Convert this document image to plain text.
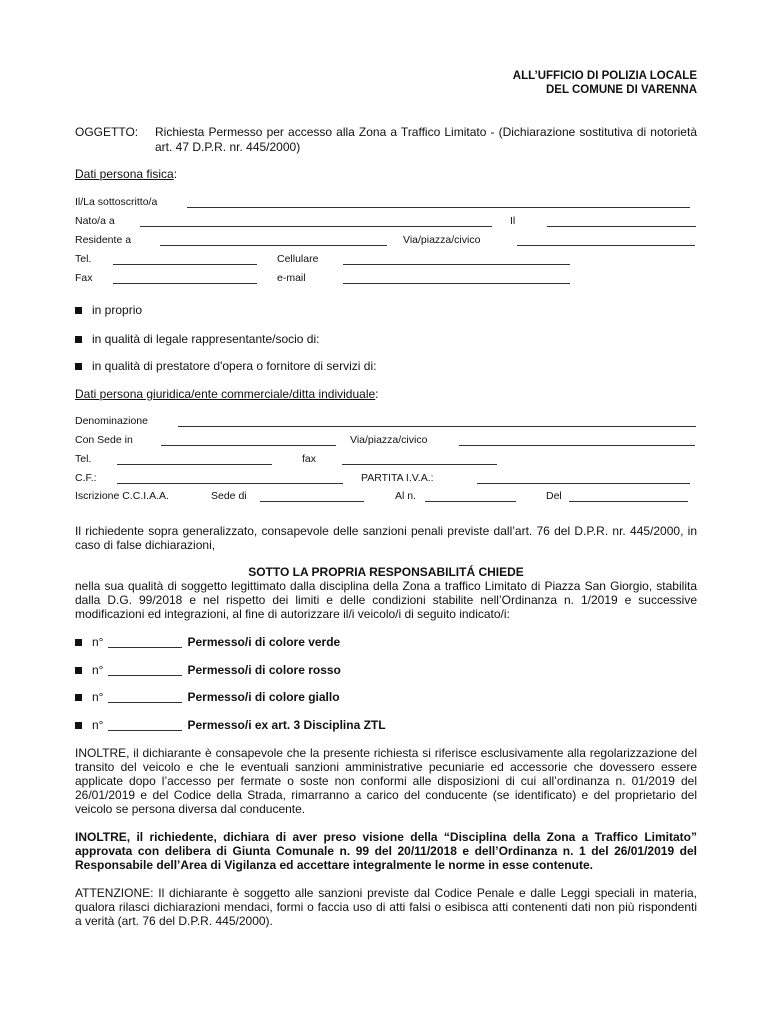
ALL’UFFICIO DI POLIZIA LOCALE
DEL COMUNE DI VARENNA
OGGETTO: Richiesta Permesso per accesso alla Zona a Traffico Limitato - (Dichiarazione sostitutiva di notorietà art. 47 D.P.R. nr. 445/2000)
Dati persona fisica:
Il/La sottoscritto/a
Nato/a a	Il
Residente a	Via/piazza/civico
Tel.	Cellulare
Fax	e-mail
in proprio
in qualità di legale rappresentante/socio di:
in qualità di prestatore d'opera o fornitore di servizi di:
Dati persona giuridica/ente commerciale/ditta individuale:
Denominazione
Con Sede in	Via/piazza/civico
Tel.	fax
C.F.:	PARTITA I.V.A.:
Iscrizione C.C.I.A.A.	Sede di	Al n.	Del
Il richiedente sopra generalizzato, consapevole delle sanzioni penali previste dall’art. 76 del D.P.R. nr. 445/2000, in caso di false dichiarazioni,
SOTTO LA PROPRIA RESPONSABILITÁ CHIEDE
nella sua qualità di soggetto legittimato dalla disciplina della Zona a traffico Limitato di Piazza San Giorgio, stabilita dalla D.G. 99/2018 e nel rispetto dei limiti e delle condizioni stabilite nell’Ordinanza n. 1/2019 e successive modificazioni ed integrazioni, al fine di autorizzare il/i veicolo/i di seguito indicato/i:
n°	Permesso/i di colore verde
n°	Permesso/i di colore rosso
n°	Permesso/i di colore giallo
n°	Permesso/i ex art. 3 Disciplina ZTL
INOLTRE, il dichiarante è consapevole che la presente richiesta si riferisce esclusivamente alla regolarizzazione del transito del veicolo e che le eventuali sanzioni amministrative pecuniarie ed accessorie che dovessero essere applicate dopo l’accesso per fermate o soste non conformi alle disposizioni di cui all’ordinanza n. 01/2019 del 26/01/2019 e del Codice della Strada, rimarranno a carico del conducente (se identificato) e del proprietario del veicolo se persona diversa dal conducente.
INOLTRE, il richiedente, dichiara di aver preso visione della “Disciplina della Zona a Traffico Limitato” approvata con delibera di Giunta Comunale n. 99 del 20/11/2018 e dell’Ordinanza n. 1 del 26/01/2019 del Responsabile dell’Area di Vigilanza ed accettare integralmente le norme in esse contenute.
ATTENZIONE: Il dichiarante è soggetto alle sanzioni previste dal Codice Penale e dalle Leggi speciali in materia, qualora rilasci dichiarazioni mendaci, formi o faccia uso di atti falsi o esibisca atti contenenti dati non più rispondenti a verità (art. 76 del D.P.R. 445/2000).
